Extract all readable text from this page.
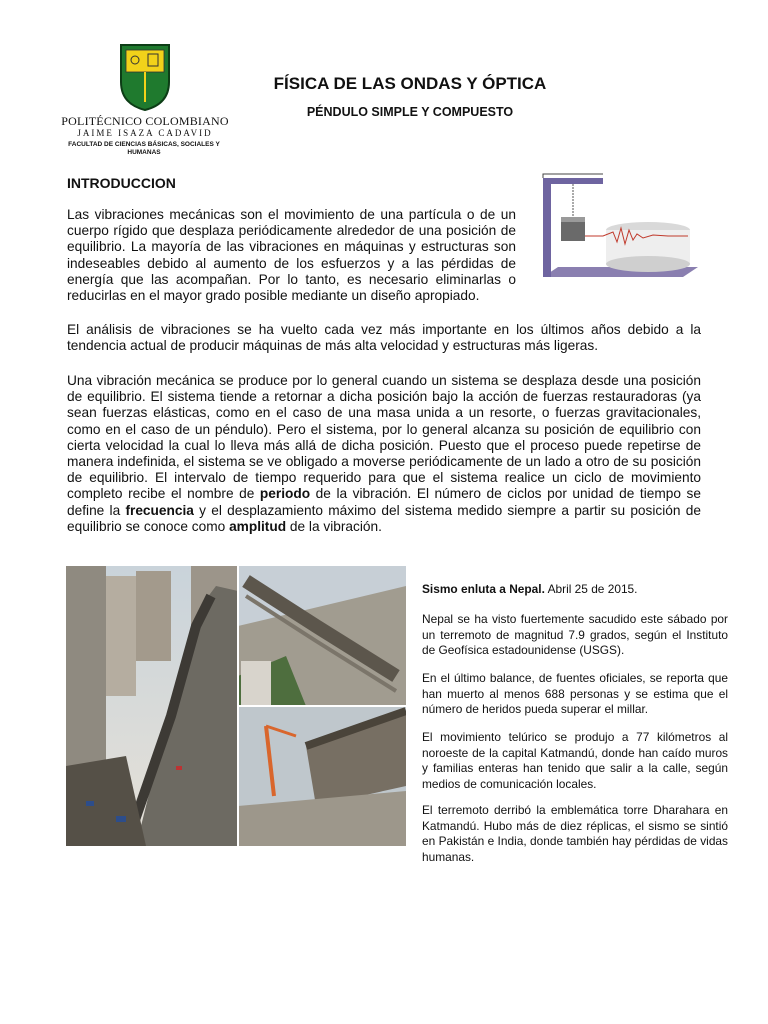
POLITÉCNICO COLOMBIANO
JAIME ISAZA CADAVID
FACULTAD DE CIENCIAS BÁSICAS, SOCIALES Y HUMANAS
FÍSICA DE LAS ONDAS Y ÓPTICA
PÉNDULO SIMPLE Y COMPUESTO
INTRODUCCION

Las vibraciones mecánicas son el movimiento de una partícula o de un cuerpo rígido que desplaza periódicamente alrededor de una posición de equilibrio. La mayoría de las vibraciones en máquinas y estructuras son indeseables debido al aumento de los esfuerzos y a las pérdidas de energía que las acompañan. Por lo tanto, es necesario eliminarlas o reducirlas en el mayor grado posible mediante un diseño apropiado.

El análisis de vibraciones se ha vuelto cada vez más importante en los últimos años debido a la tendencia actual de producir máquinas de más alta velocidad y estructuras más ligeras.

Una vibración mecánica se produce por lo general cuando un sistema se desplaza desde una posición de equilibrio. El sistema tiende a retornar a dicha posición bajo la acción de fuerzas restauradoras (ya sean fuerzas elásticas, como en el caso de una masa unida a un resorte, o fuerzas gravitacionales, como en el caso de un péndulo). Pero el sistema, por lo general alcanza su posición de equilibrio con cierta velocidad la cual lo lleva más allá de dicha posición. Puesto que el proceso puede repetirse de manera indefinida, el sistema se ve obligado a moverse periódicamente de un lado a otro de su posición de equilibrio. El intervalo de tiempo requerido para que el sistema realice un ciclo de movimiento completo recibe el nombre de periodo de la vibración. El número de ciclos por unidad de tiempo se define la frecuencia y el desplazamiento máximo del sistema medido siempre a partir su posición de equilibrio se conoce como amplitud de la vibración.

Sismo enluta a Nepal. Abril 25 de 2015.

Nepal se ha visto fuertemente sacudido este sábado por un terremoto de magnitud 7.9 grados, según el Instituto de Geofísica estadounidense (USGS).

En el último balance, de fuentes oficiales, se reporta que han muerto al menos 688 personas y se estima que el número de heridos pueda superar el millar.

El movimiento telúrico se produjo a 77 kilómetros al noroeste de la capital Katmandú, donde han caído muros y familias enteras han tenido que salir a la calle, según medios de comunicación locales.

El terremoto derribó la emblemática torre Dharahara en Katmandú. Hubo más de diez réplicas, el sismo se sintió en Pakistán e India, donde también hay pérdidas de vidas humanas.
